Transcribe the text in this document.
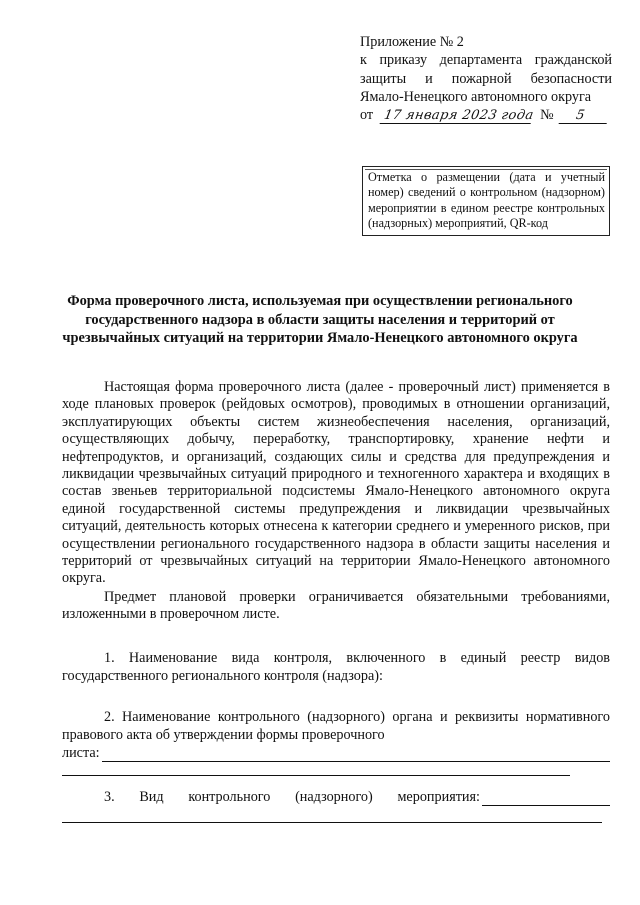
Приложение № 2
к приказу департамента гражданской
защиты и пожарной безопасности
Ямало-Ненецкого автономного округа
от 17 января 2023 года №	5
Отметка о размещении (дата и учетный номер) сведений о контрольном (надзорном) мероприятии в едином реестре контрольных (надзорных) мероприятий, QR-код
Форма проверочного листа, используемая при осуществлении регионального государственного надзора в области защиты населения и территорий от чрезвычайных ситуаций на территории Ямало-Ненецкого автономного округа

Настоящая форма проверочного листа (далее - проверочный лист) применяется в ходе плановых проверок (рейдовых осмотров), проводимых в отношении организаций, эксплуатирующих объекты систем жизнеобеспечения населения, организаций, осуществляющих добычу, переработку, транспортировку, хранение нефти и нефтепродуктов, и организаций, создающих силы и средства для предупреждения и ликвидации чрезвычайных ситуаций природного и техногенного характера и входящих в состав звеньев территориальной подсистемы Ямало-Ненецкого автономного округа единой государственной системы предупреждения и ликвидации чрезвычайных ситуаций, деятельность которых отнесена к категории среднего и умеренного рисков, при осуществлении регионального государственного надзора в области защиты населения и территорий от чрезвычайных ситуаций на территории Ямало-Ненецкого автономного округа.

Предмет плановой проверки ограничивается обязательными требованиями, изложенными в проверочном листе.

1. Наименование вида контроля, включенного в единый реестр видов государственного регионального контроля (надзора):

2. Наименование контрольного (надзорного) органа и реквизиты нормативного правового акта об утверждении формы проверочного

листа:

3. Вид контрольного (надзорного) мероприятия:
